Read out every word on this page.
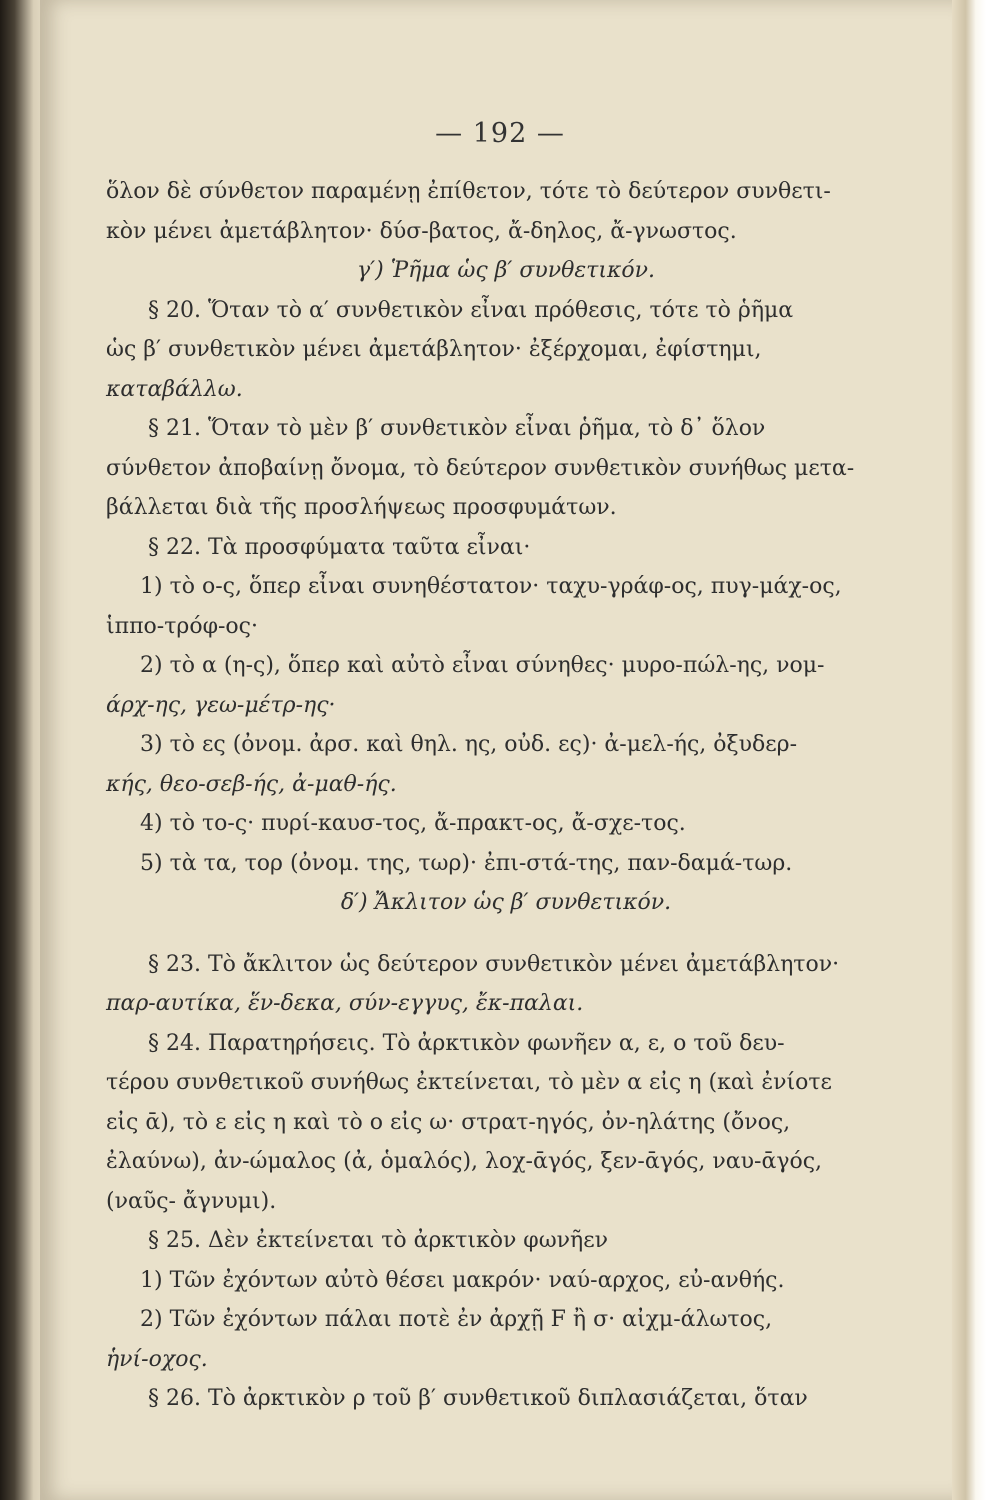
— 192 —
ὅλον δὲ σύνθετον παραμένῃ ἐπίθετον, τότε τὸ δεύτερον συνθετι-
κὸν μένει ἀμετάβλητον· δύσ-βατος, ἄ-δηλος, ἄ-γνωστος.
γ′) Ῥῆμα ὡς β′ συνθετικόν.
§ 20. Ὅταν τὸ α′ συνθετικὸν εἶναι πρόθεσις, τότε τὸ ῥῆμα
ὡς β′ συνθετικὸν μένει ἀμετάβλητον· ἐξέρχομαι, ἐφίστημι,
καταβάλλω.
§ 21. Ὅταν τὸ μὲν β′ συνθετικὸν εἶναι ῥῆμα, τὸ δ᾽ ὅλον
σύνθετον ἀποβαίνῃ ὄνομα, τὸ δεύτερον συνθετικὸν συνήθως μετα-
βάλλεται διὰ τῆς προσλήψεως προσφυμάτων.
§ 22. Τὰ προσφύματα ταῦτα εἶναι·
1) τὸ ο-ς, ὅπερ εἶναι συνηθέστατον· ταχυ-γράφ-ος, πυγ-μάχ-ος,
ἱππο-τρόφ-ος·
2) τὸ α (η-ς), ὅπερ καὶ αὐτὸ εἶναι σύνηθες· μυρο-πώλ-ης, νομ-
άρχ-ης, γεω-μέτρ-ης·
3) τὸ ες (ὀνομ. ἀρσ. καὶ θηλ. ης, οὐδ. ες)· ἀ-μελ-ής, ὀξυδερ-
κής, θεο-σεβ-ής, ἀ-μαθ-ής.
4) τὸ το-ς· πυρί-καυσ-τος, ἄ-πρακτ-ος, ἄ-σχε-τος.
5) τὰ τα, τορ (ὀνομ. της, τωρ)· ἐπι-στά-της, παν-δαμά-τωρ.
δ′) Ἄκλιτον ὡς β′ συνθετικόν.
§ 23. Τὸ ἄκλιτον ὡς δεύτερον συνθετικὸν μένει ἀμετάβλητον·
παρ-αυτίκα, ἕν-δεκα, σύν-εγγυς, ἔκ-παλαι.
§ 24. Παρατηρήσεις. Τὸ ἀρκτικὸν φωνῆεν α, ε, ο τοῦ δευ-
τέρου συνθετικοῦ συνήθως ἐκτείνεται, τὸ μὲν α εἰς η (καὶ ἐνίοτε
εἰς ᾱ), τὸ ε εἰς η καὶ τὸ ο εἰς ω· στρατ-ηγός, ὀν-ηλάτης (ὄνος,
ἐλαύνω), ἀν-ώμαλος (ἀ, ὁμαλός), λοχ-ᾱγός, ξεν-ᾱγός, ναυ-ᾱγός,
(ναῦς- ἄγνυμι).
§ 25. Δὲν ἐκτείνεται τὸ ἀρκτικὸν φωνῆεν
1) Τῶν ἐχόντων αὐτὸ θέσει μακρόν· ναύ-αρχος, εὐ-ανθής.
2) Τῶν ἐχόντων πάλαι ποτὲ ἐν ἀρχῇ F ἢ σ· αἰχμ-άλωτος,
ἡνί-οχος.
§ 26. Τὸ ἀρκτικὸν ρ τοῦ β′ συνθετικοῦ διπλασιάζεται, ὅταν
